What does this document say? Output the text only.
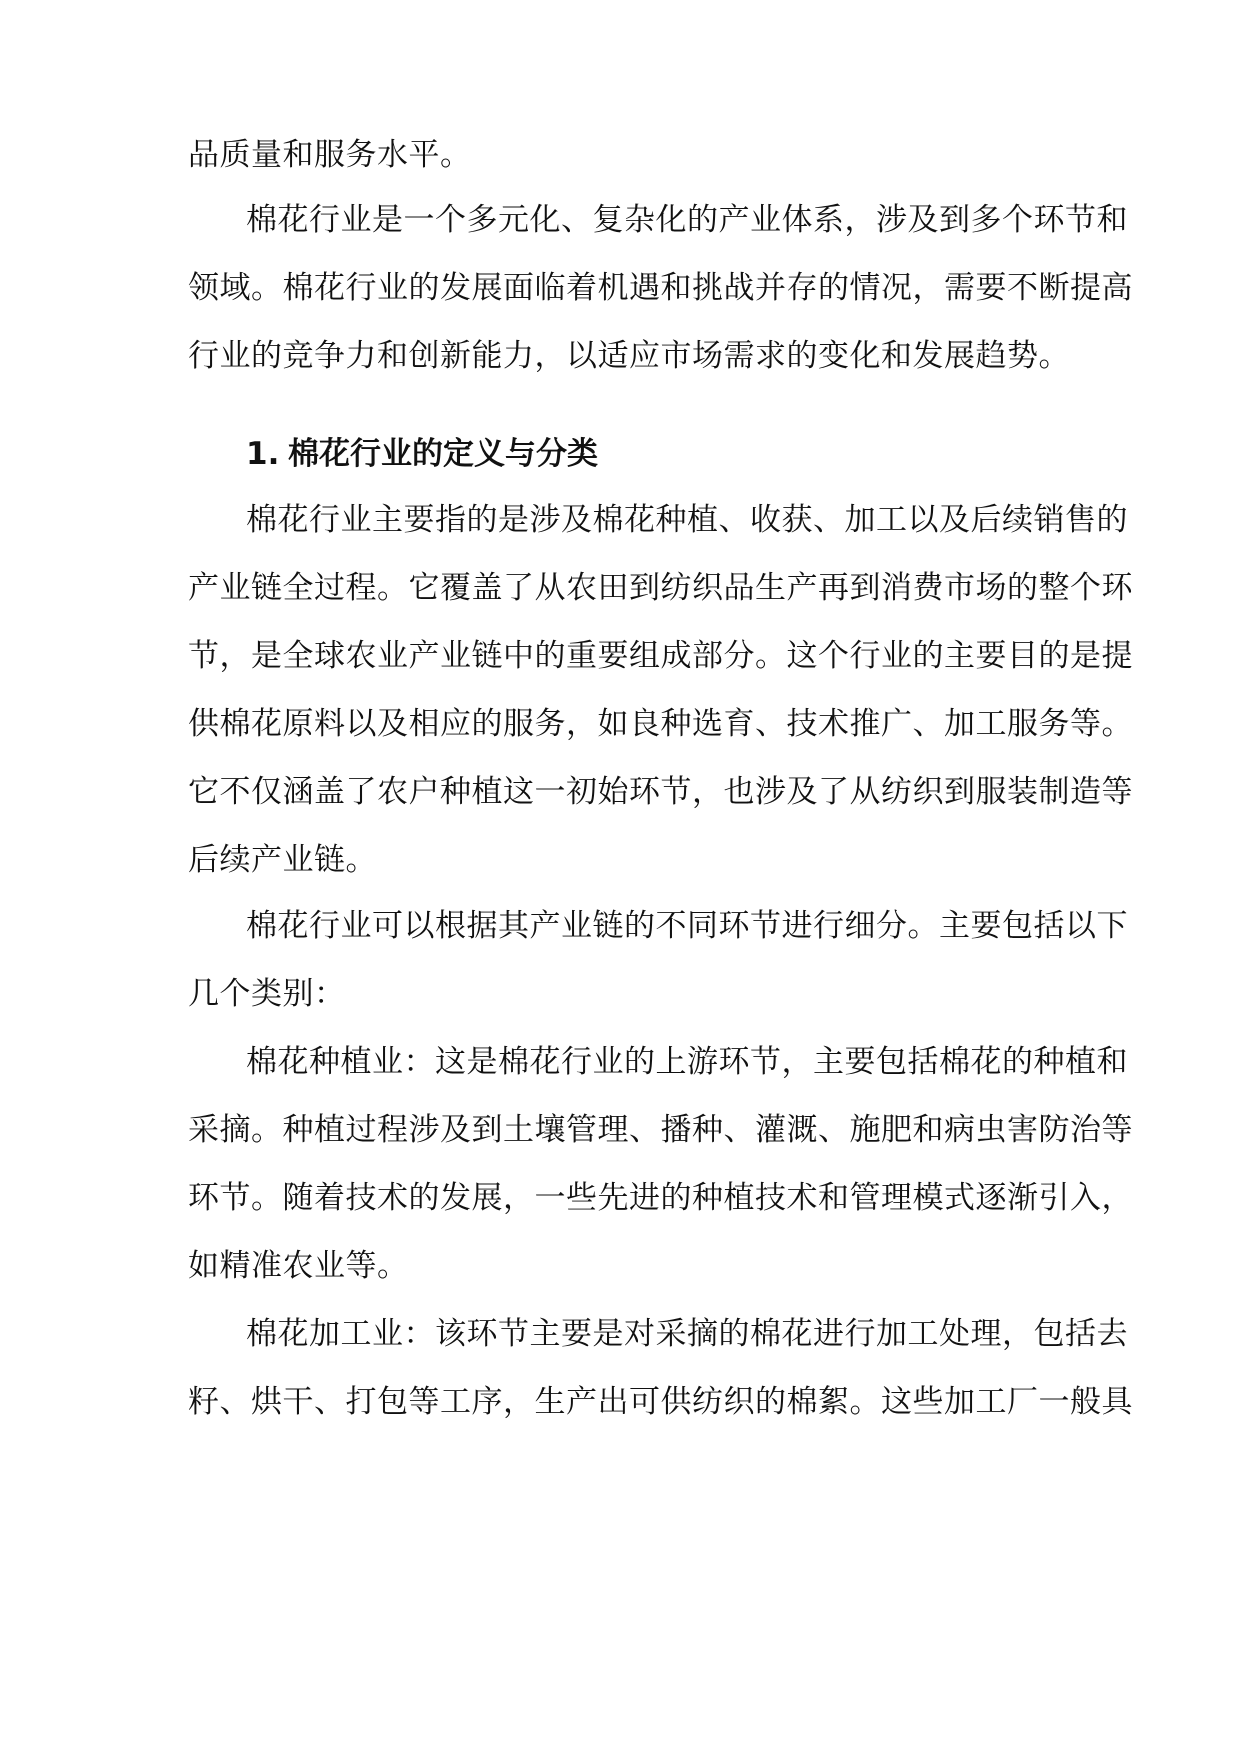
品质量和服务水平。
棉花行业是一个多元化、复杂化的产业体系，涉及到多个环节和
领域。棉花行业的发展面临着机遇和挑战并存的情况，需要不断提高
行业的竞争力和创新能力，以适应市场需求的变化和发展趋势。
1. 棉花行业的定义与分类
棉花行业主要指的是涉及棉花种植、收获、加工以及后续销售的
产业链全过程。它覆盖了从农田到纺织品生产再到消费市场的整个环
节，是全球农业产业链中的重要组成部分。这个行业的主要目的是提
供棉花原料以及相应的服务，如良种选育、技术推广、加工服务等。
它不仅涵盖了农户种植这一初始环节，也涉及了从纺织到服装制造等
后续产业链。
棉花行业可以根据其产业链的不同环节进行细分。主要包括以下
几个类别：
棉花种植业：这是棉花行业的上游环节，主要包括棉花的种植和
采摘。种植过程涉及到土壤管理、播种、灌溉、施肥和病虫害防治等
环节。随着技术的发展，一些先进的种植技术和管理模式逐渐引入，
如精准农业等。
棉花加工业：该环节主要是对采摘的棉花进行加工处理，包括去
籽、烘干、打包等工序，生产出可供纺织的棉絮。这些加工厂一般具
